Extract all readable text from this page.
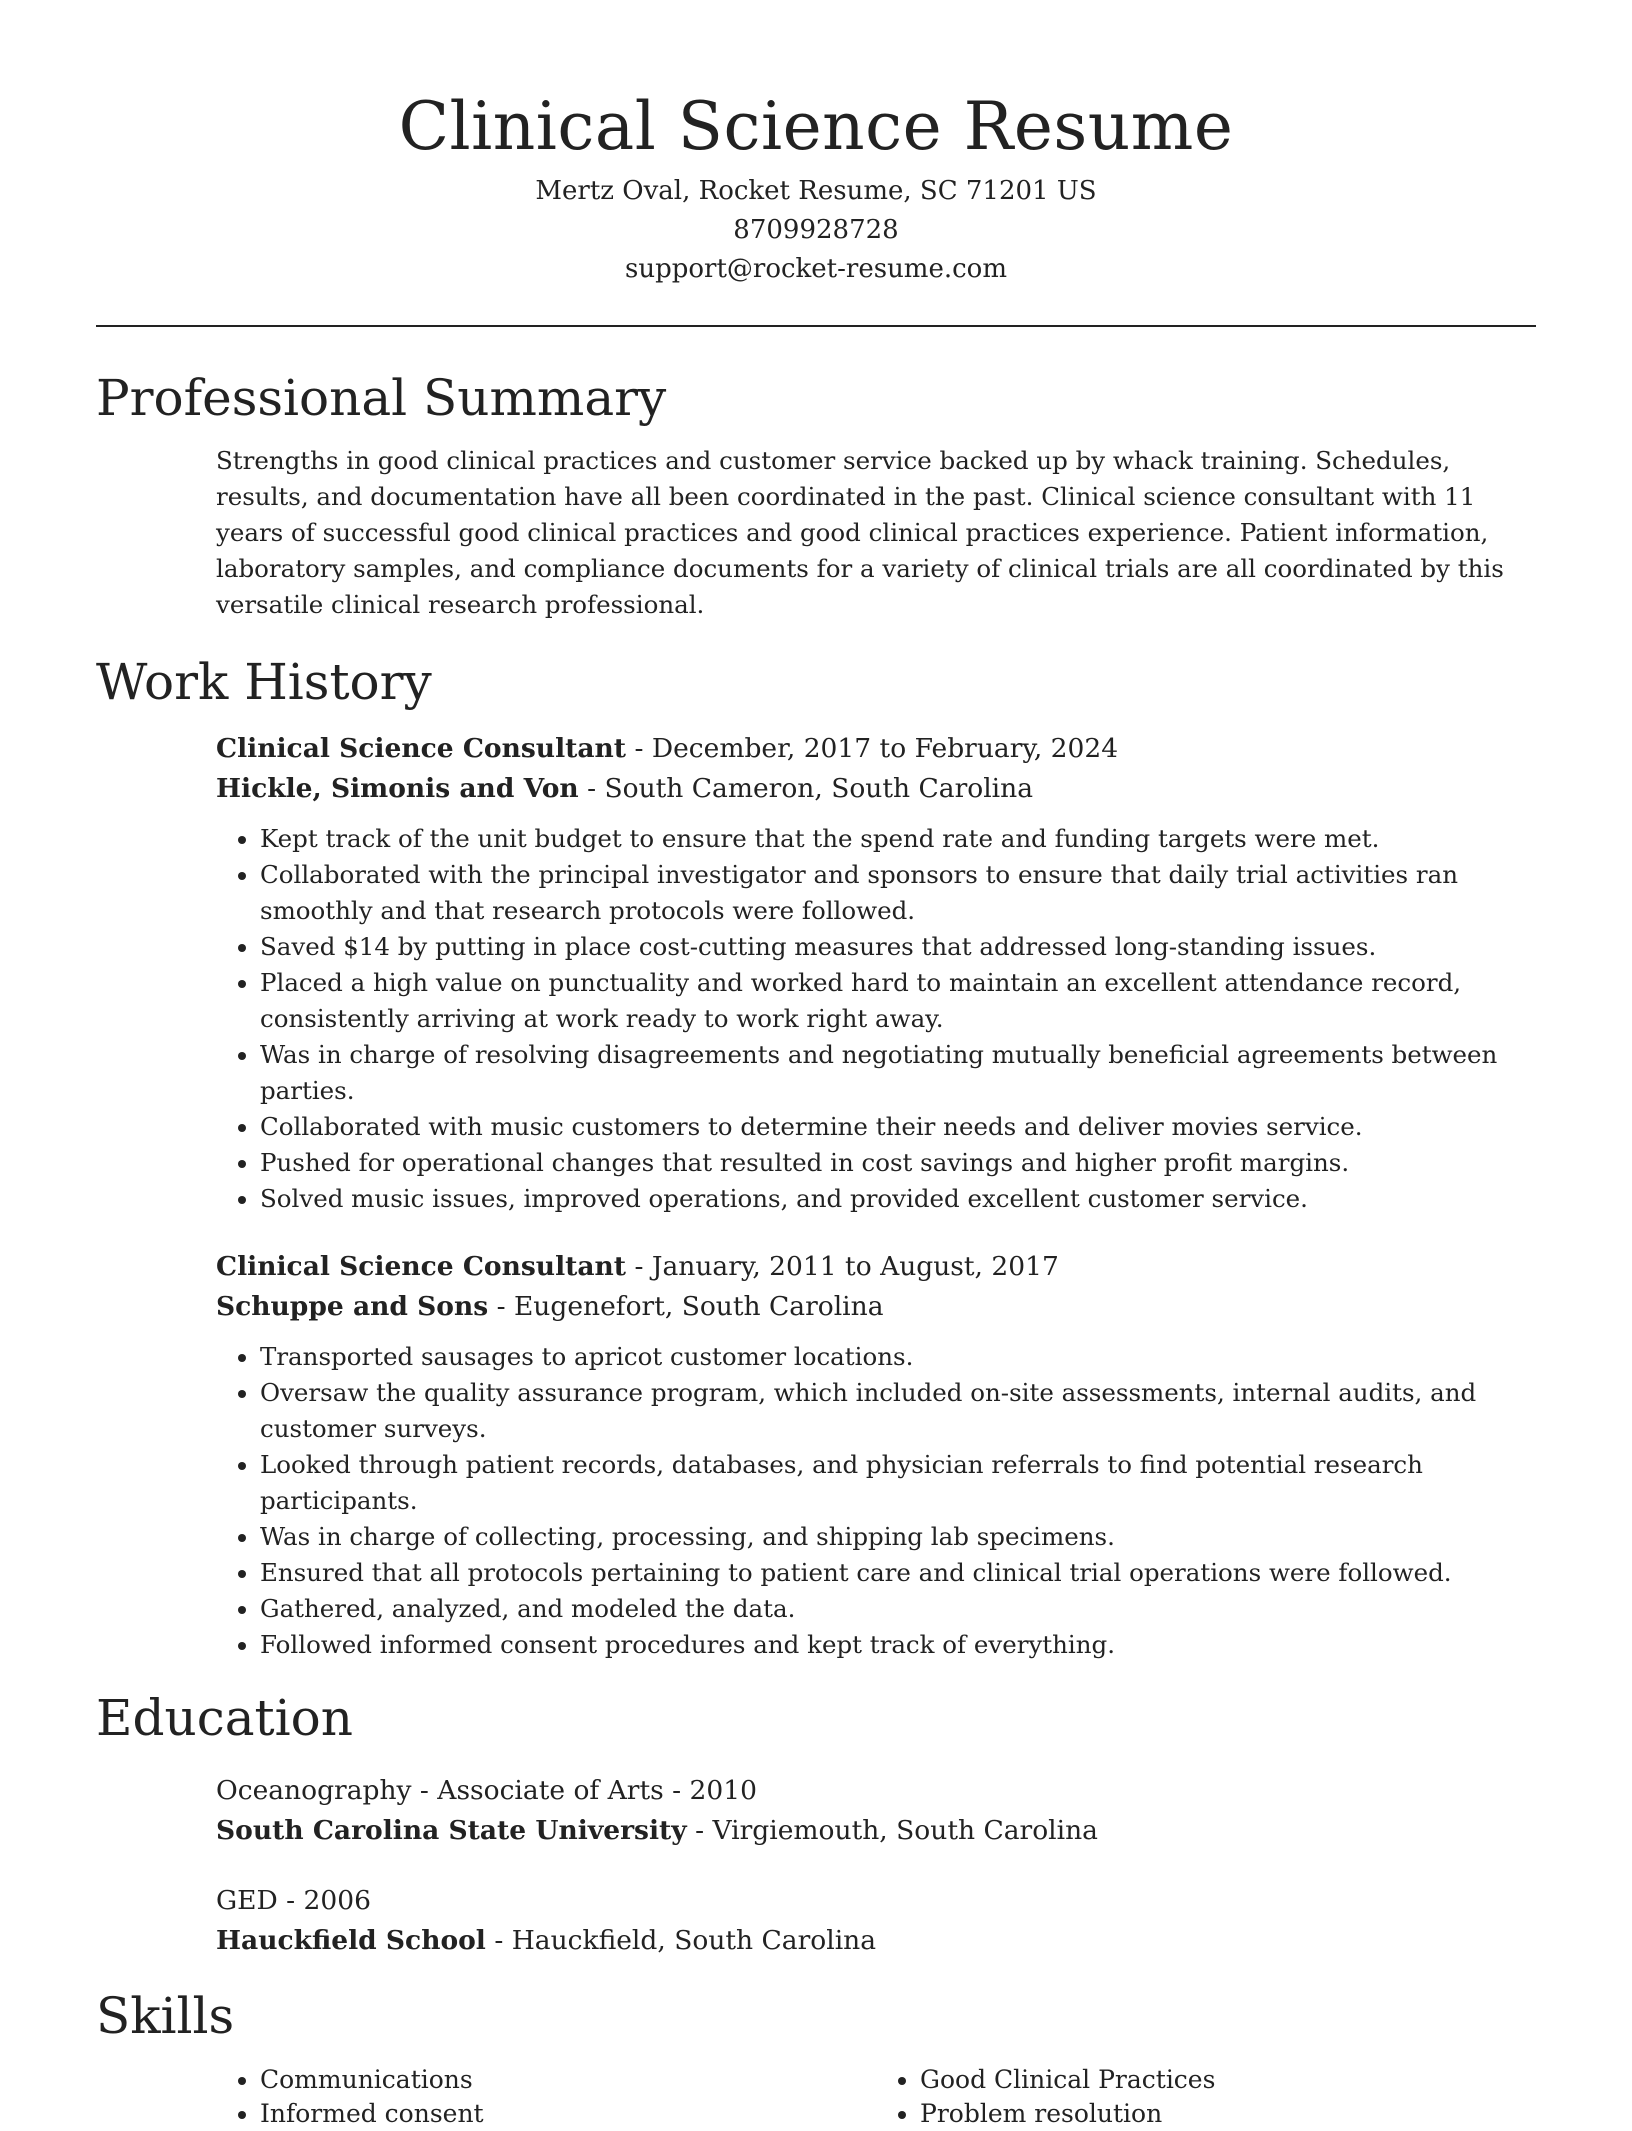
Clinical Science Resume
Mertz Oval, Rocket Resume, SC 71201 US
8709928728
support@rocket-resume.com
Professional Summary

Strengths in good clinical practices and customer service backed up by whack training. Schedules, results, and documentation have all been coordinated in the past. Clinical science consultant with 11 years of successful good clinical practices and good clinical practices experience. Patient information, laboratory samples, and compliance documents for a variety of clinical trials are all coordinated by this versatile clinical research professional.

Work History
Clinical Science Consultant - December, 2017 to February, 2024
Hickle, Simonis and Von - South Cameron, South Carolina
• Kept track of the unit budget to ensure that the spend rate and funding targets were met.
• Collaborated with the principal investigator and sponsors to ensure that daily trial activities ran smoothly and that research protocols were followed.
• Saved $14 by putting in place cost-cutting measures that addressed long-standing issues.
• Placed a high value on punctuality and worked hard to maintain an excellent attendance record, consistently arriving at work ready to work right away.
• Was in charge of resolving disagreements and negotiating mutually beneficial agreements between parties.
• Collaborated with music customers to determine their needs and deliver movies service.
• Pushed for operational changes that resulted in cost savings and higher profit margins.
• Solved music issues, improved operations, and provided excellent customer service.
Clinical Science Consultant - January, 2011 to August, 2017
Schuppe and Sons - Eugenefort, South Carolina
• Transported sausages to apricot customer locations.
• Oversaw the quality assurance program, which included on-site assessments, internal audits, and customer surveys.
• Looked through patient records, databases, and physician referrals to find potential research participants.
• Was in charge of collecting, processing, and shipping lab specimens.
• Ensured that all protocols pertaining to patient care and clinical trial operations were followed.
• Gathered, analyzed, and modeled the data.
• Followed informed consent procedures and kept track of everything.
Education
Oceanography - Associate of Arts - 2010
South Carolina State University - Virgiemouth, South Carolina
GED - 2006
Hauckfield School - Hauckfield, South Carolina
Skills
• Communications
• Informed consent
• Good Clinical Practices
• Problem resolution
